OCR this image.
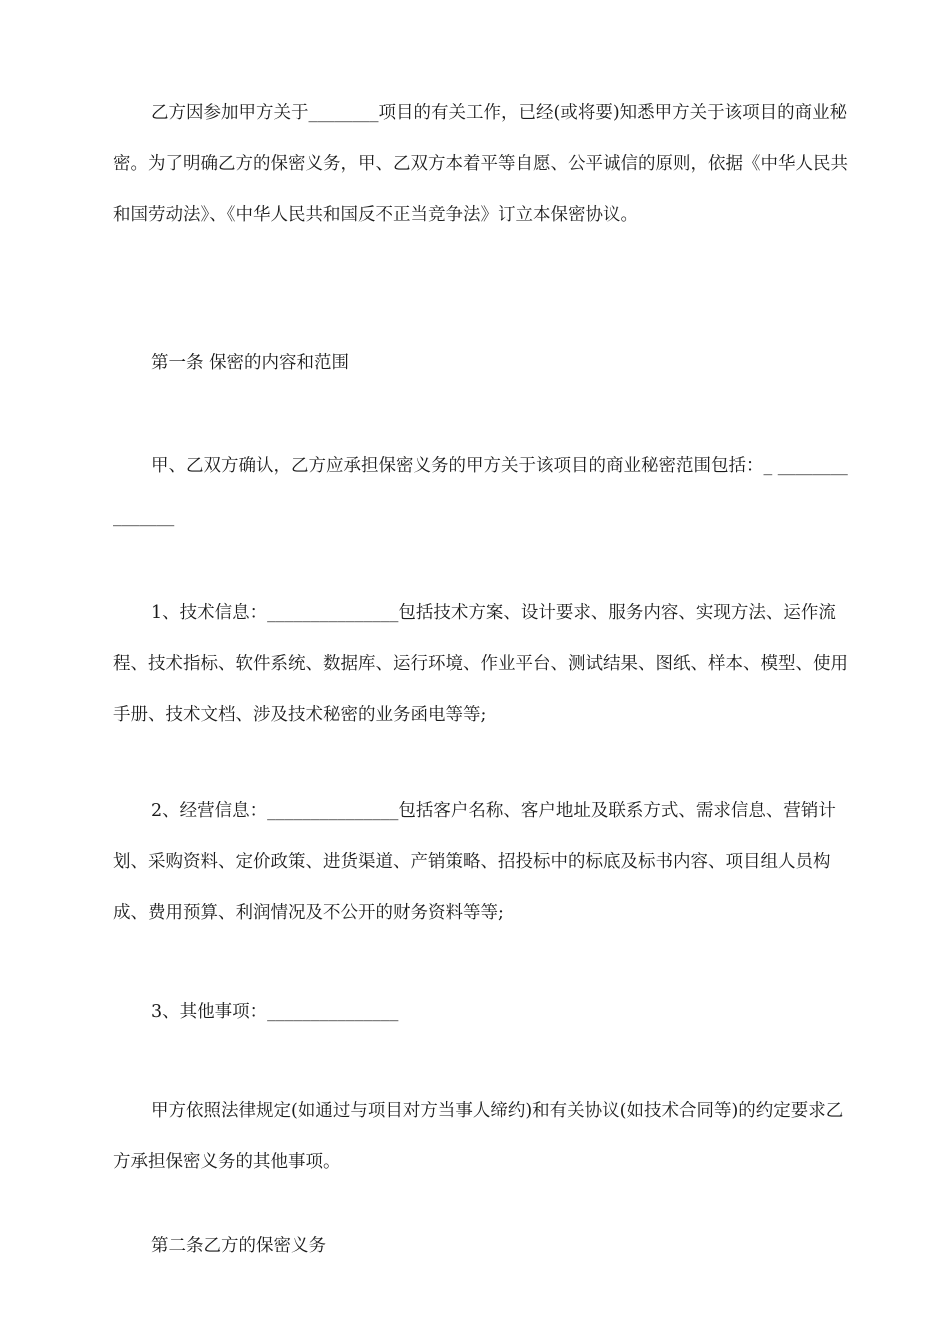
乙方因参加甲方关于________项目的有关工作，已经(或将要)知悉甲方关于该项目的商业秘密。为了明确乙方的保密义务，甲、乙双方本着平等自愿、公平诚信的原则，依据《中华人民共和国劳动法》、《中华人民共和国反不正当竞争法》订立本保密协议。

第一条 保密的内容和范围

甲、乙双方确认，乙方应承担保密义务的甲方关于该项目的商业秘密范围包括：_ _______________

1、技术信息：_______________包括技术方案、设计要求、服务内容、实现方法、运作流程、技术指标、软件系统、数据库、运行环境、作业平台、测试结果、图纸、样本、模型、使用手册、技术文档、涉及技术秘密的业务函电等等;

2、经营信息：_______________包括客户名称、客户地址及联系方式、需求信息、营销计划、采购资料、定价政策、进货渠道、产销策略、招投标中的标底及标书内容、项目组人员构成、费用预算、利润情况及不公开的财务资料等等;

3、其他事项：_______________

甲方依照法律规定(如通过与项目对方当事人缔约)和有关协议(如技术合同等)的约定要求乙方承担保密义务的其他事项。

第二条乙方的保密义务
